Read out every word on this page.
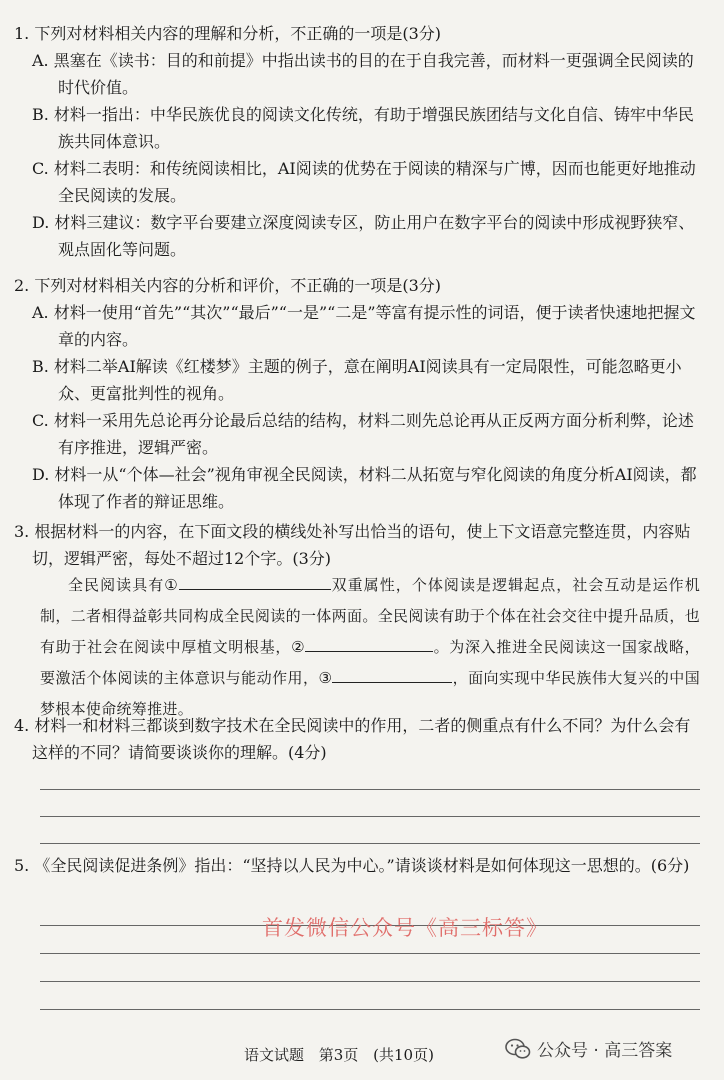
1. 下列对材料相关内容的理解和分析，不正确的一项是(3分)

A. 黑塞在《读书：目的和前提》中指出读书的目的在于自我完善，而材料一更强调全民阅读的时代价值。

B. 材料一指出：中华民族优良的阅读文化传统，有助于增强民族团结与文化自信、铸牢中华民族共同体意识。

C. 材料二表明：和传统阅读相比，AI阅读的优势在于阅读的精深与广博，因而也能更好地推动全民阅读的发展。

D. 材料三建议：数字平台要建立深度阅读专区，防止用户在数字平台的阅读中形成视野狭窄、观点固化等问题。

2. 下列对材料相关内容的分析和评价，不正确的一项是(3分)

A. 材料一使用“首先”“其次”“最后”“一是”“二是”等富有提示性的词语，便于读者快速地把握文章的内容。

B. 材料二举AI解读《红楼梦》主题的例子，意在阐明AI阅读具有一定局限性，可能忽略更小众、更富批判性的视角。

C. 材料一采用先总论再分论最后总结的结构，材料二则先总论再从正反两方面分析利弊，论述有序推进，逻辑严密。

D. 材料一从“个体—社会”视角审视全民阅读，材料二从拓宽与窄化阅读的角度分析AI阅读，都体现了作者的辩证思维。

3. 根据材料一的内容，在下面文段的横线处补写出恰当的语句，使上下文语意完整连贯，内容贴切，逻辑严密，每处不超过12个字。(3分)

全民阅读具有①	双重属性，个体阅读是逻辑起点，社会互动是运作机制，二者相得益彰共同构成全民阅读的一体两面。全民阅读有助于个体在社会交往中提升品质，也有助于社会在阅读中厚植文明根基，②	。为深入推进全民阅读这一国家战略，要激活个体阅读的主体意识与能动作用，③	，面向实现中华民族伟大复兴的中国梦根本使命统筹推进。

4. 材料一和材料三都谈到数字技术在全民阅读中的作用，二者的侧重点有什么不同？为什么会有这样的不同？请简要谈谈你的理解。(4分)

5. 《全民阅读促进条例》指出：“坚持以人民为中心。”请谈谈材料是如何体现这一思想的。(6分)

首发微信公众号《高三标答》
语文试题 第3页 (共10页)	公众号 · 高三答案
